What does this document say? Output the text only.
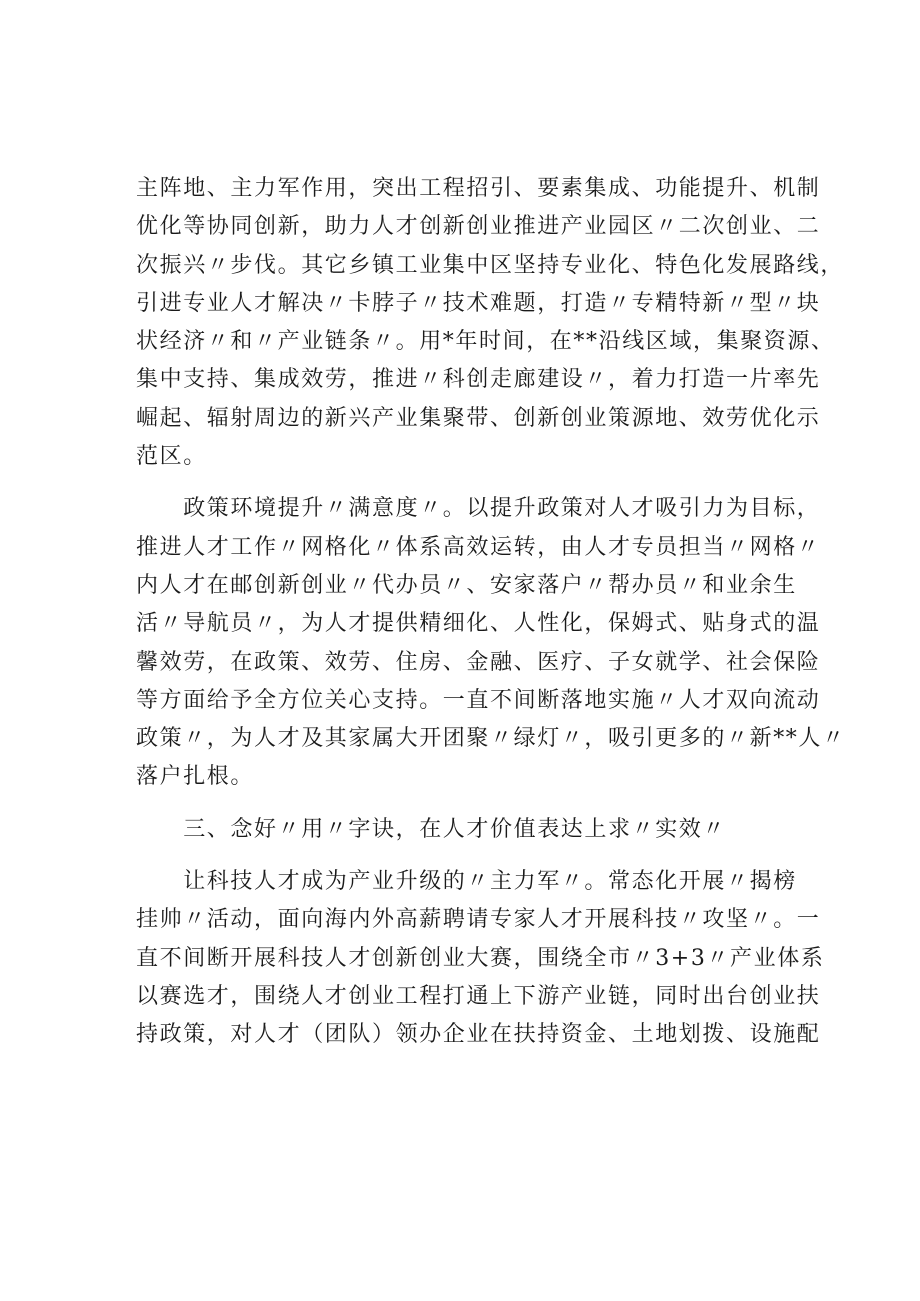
主阵地、主力军作用，突出工程招引、要素集成、功能提升、机制
优化等协同创新，助力人才创新创业推进产业园区〃二次创业、二
次振兴〃步伐。其它乡镇工业集中区坚持专业化、特色化发展路线，
引进专业人才解决〃卡脖子〃技术难题，打造〃专精特新〃型〃块
状经济〃和〃产业链条〃。用*年时间，在**沿线区域，集聚资源、
集中支持、集成效劳，推进〃科创走廊建设〃，着力打造一片率先
崛起、辐射周边的新兴产业集聚带、创新创业策源地、效劳优化示
范区。
　　政策环境提升〃满意度〃。以提升政策对人才吸引力为目标，
推进人才工作〃网格化〃体系高效运转，由人才专员担当〃网格〃
内人才在邮创新创业〃代办员〃、安家落户〃帮办员〃和业余生
活〃导航员〃，为人才提供精细化、人性化，保姆式、贴身式的温
馨效劳，在政策、效劳、住房、金融、医疗、子女就学、社会保险
等方面给予全方位关心支持。一直不间断落地实施〃人才双向流动
政策〃，为人才及其家属大开团聚〃绿灯〃，吸引更多的〃新**人〃
落户扎根。
　　三、念好〃用〃字诀，在人才价值表达上求〃实效〃
　　让科技人才成为产业升级的〃主力军〃。常态化开展〃揭榜
挂帅〃活动，面向海内外高薪聘请专家人才开展科技〃攻坚〃。一
直不间断开展科技人才创新创业大赛，围绕全市〃3+3〃产业体系
以赛选才，围绕人才创业工程打通上下游产业链，同时出台创业扶
持政策，对人才（团队）领办企业在扶持资金、土地划拨、设施配
